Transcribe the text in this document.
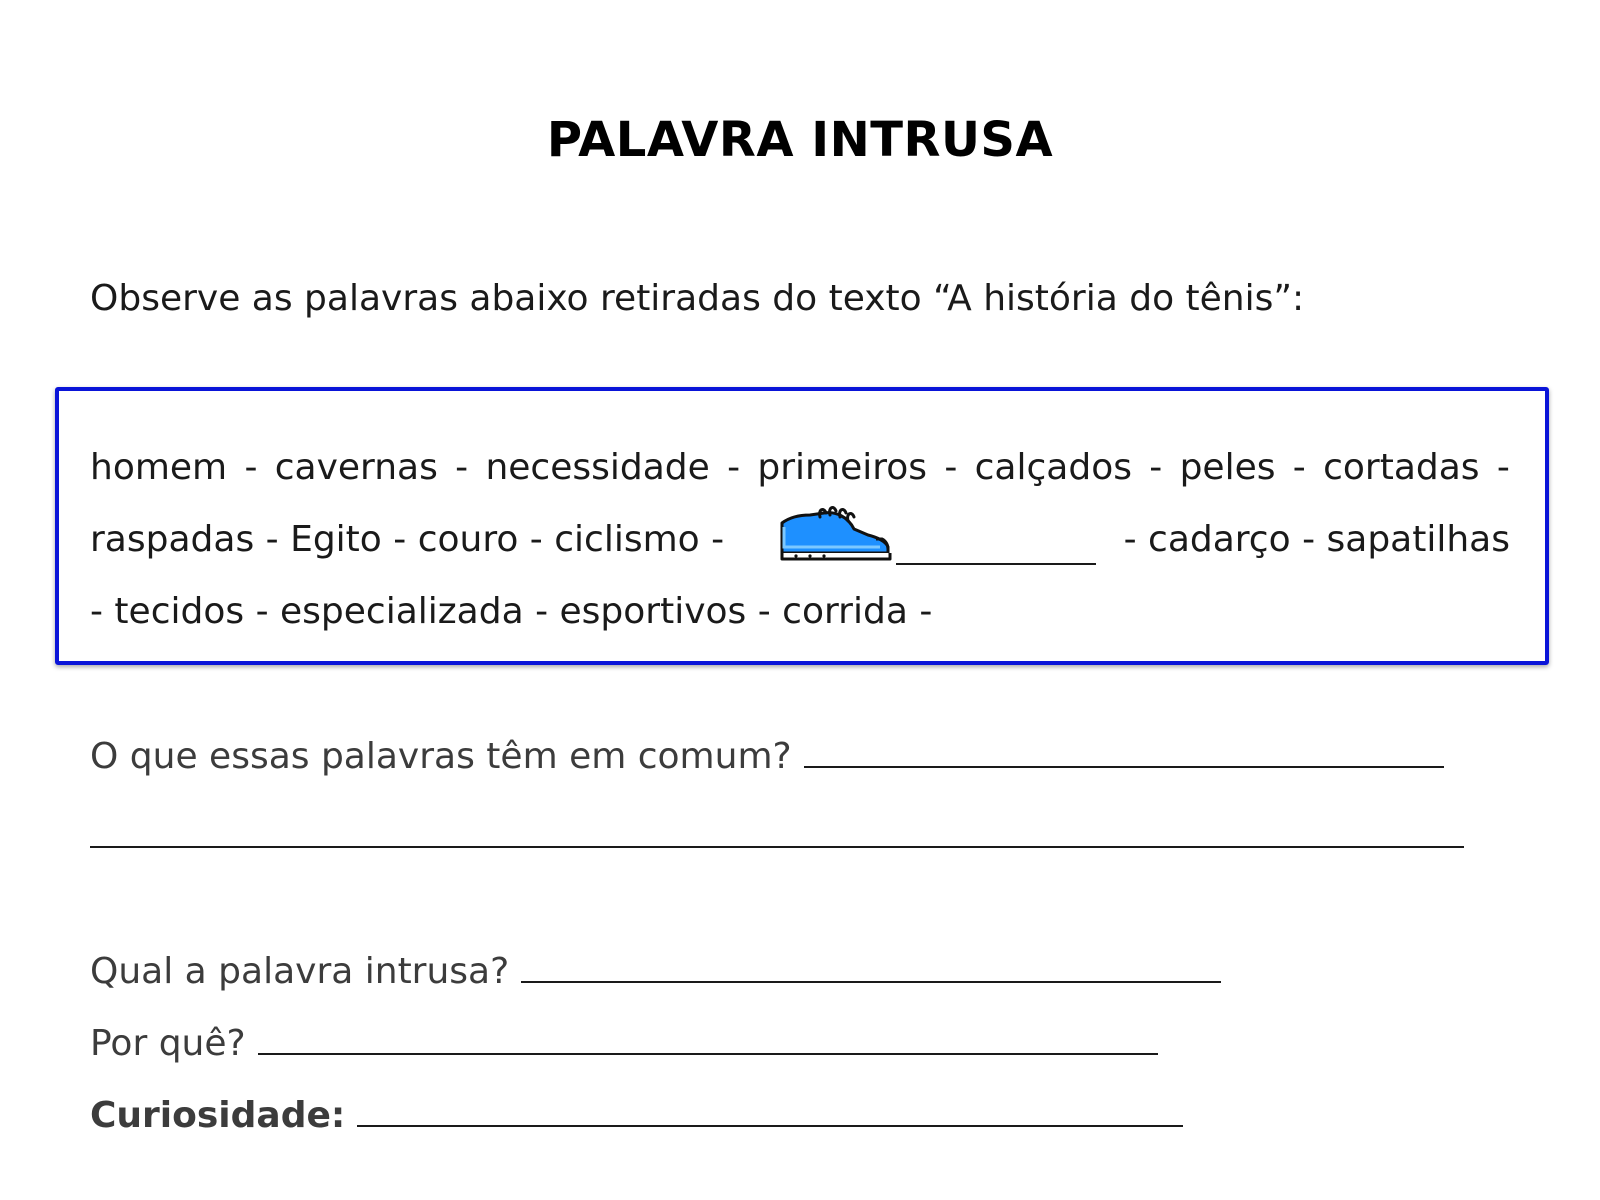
PALAVRA INTRUSA

Observe as palavras abaixo retiradas do texto “A história do tênis”:

homem - cavernas - necessidade - primeiros - calçados - peles - cortadas -
raspadas - Egito - couro - ciclismo -	- cadarço - sapatilhas
- tecidos - especializada - esportivos - corrida -
O que essas palavras têm em comum?
Qual a palavra intrusa?
Por quê?
Curiosidade:
